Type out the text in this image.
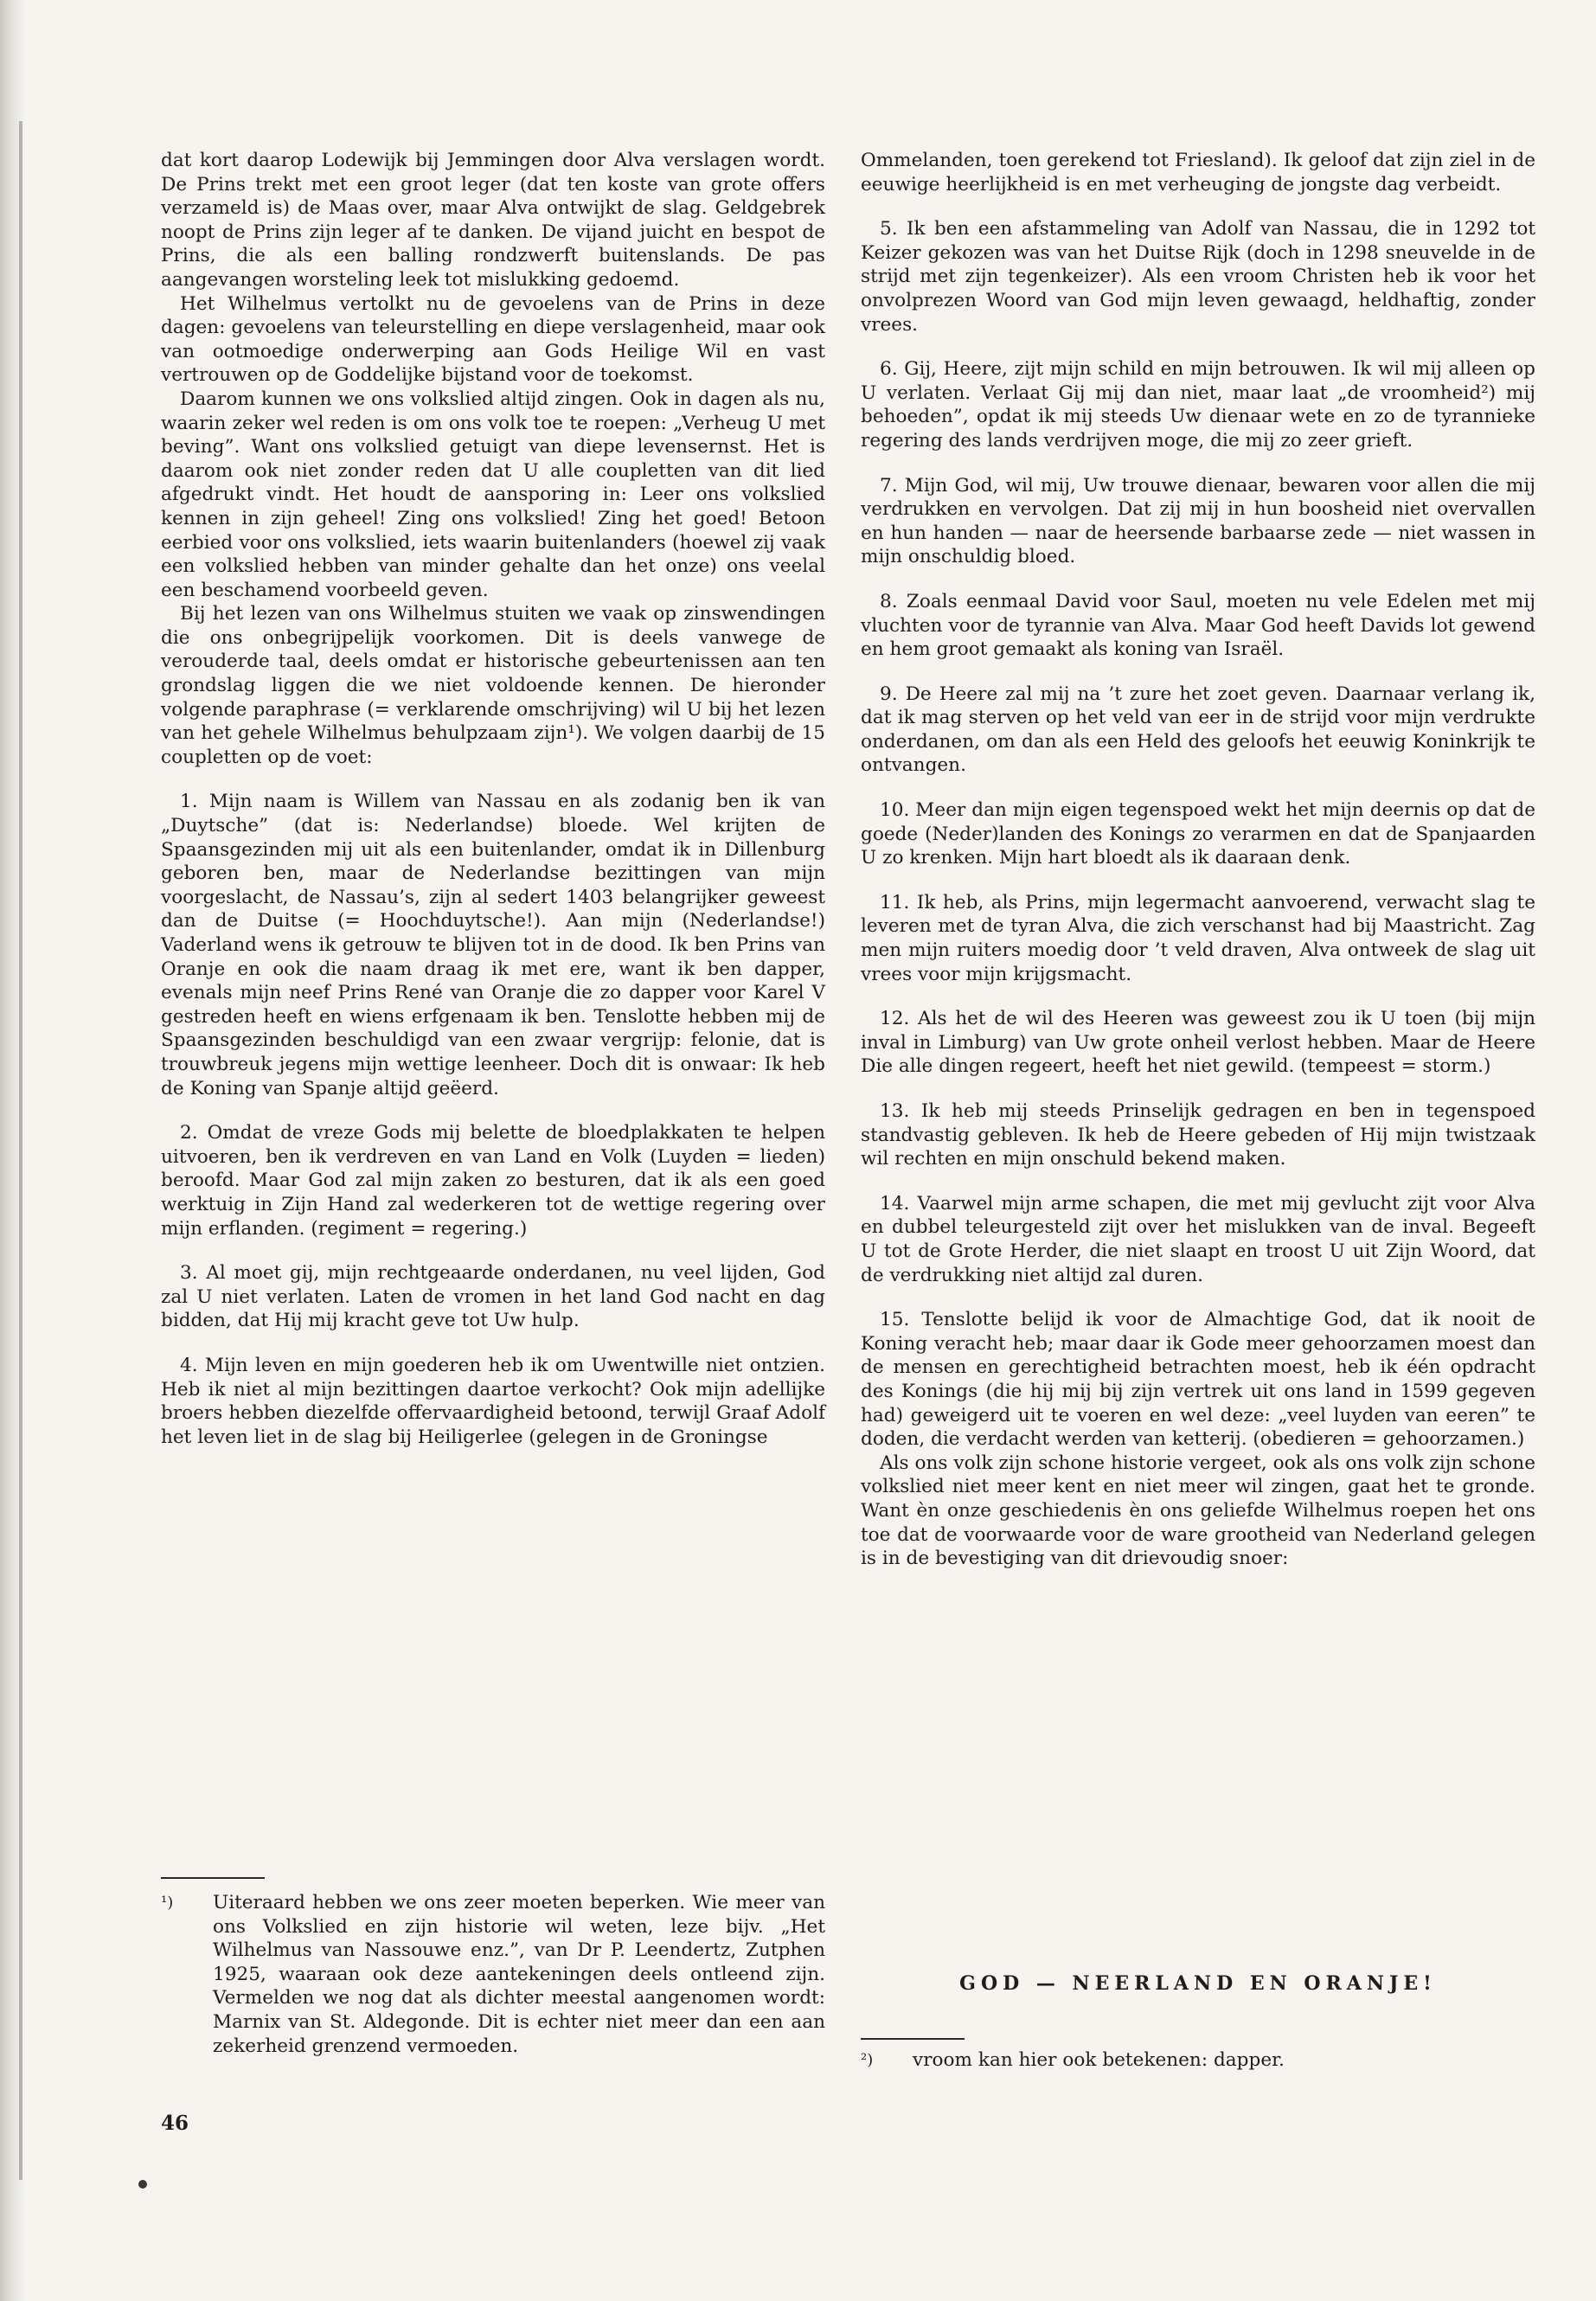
dat kort daarop Lodewijk bij Jemmingen door Alva verslagen wordt. De Prins trekt met een groot leger (dat ten koste van grote offers verzameld is) de Maas over, maar Alva ontwijkt de slag. Geldgebrek noopt de Prins zijn leger af te danken. De vijand juicht en bespot de Prins, die als een balling rondzwerft buitenslands. De pas aangevangen worsteling leek tot mislukking gedoemd.

Het Wilhelmus vertolkt nu de gevoelens van de Prins in deze dagen: gevoelens van teleurstelling en diepe verslagenheid, maar ook van ootmoedige onderwerping aan Gods Heilige Wil en vast vertrouwen op de Goddelijke bijstand voor de toekomst.

Daarom kunnen we ons volkslied altijd zingen. Ook in dagen als nu, waarin zeker wel reden is om ons volk toe te roepen: „Verheug U met beving”. Want ons volkslied getuigt van diepe levensernst. Het is daarom ook niet zonder reden dat U alle coupletten van dit lied afgedrukt vindt. Het houdt de aansporing in: Leer ons volkslied kennen in zijn geheel! Zing ons volkslied! Zing het goed! Betoon eerbied voor ons volkslied, iets waarin buitenlanders (hoewel zij vaak een volkslied hebben van minder gehalte dan het onze) ons veelal een beschamend voorbeeld geven.

Bij het lezen van ons Wilhelmus stuiten we vaak op zinswendingen die ons onbegrijpelijk voorkomen. Dit is deels vanwege de verouderde taal, deels omdat er historische gebeurtenissen aan ten grondslag liggen die we niet voldoende kennen. De hieronder volgende paraphrase (= verklarende omschrijving) wil U bij het lezen van het gehele Wilhelmus behulpzaam zijn¹). We volgen daarbij de 15 coupletten op de voet:

1. Mijn naam is Willem van Nassau en als zodanig ben ik van „Duytsche” (dat is: Nederlandse) bloede. Wel krijten de Spaansgezinden mij uit als een buitenlander, omdat ik in Dillenburg geboren ben, maar de Nederlandse bezittingen van mijn voorgeslacht, de Nassau’s, zijn al sedert 1403 belangrijker geweest dan de Duitse (= Hoochduytsche!). Aan mijn (Nederlandse!) Vaderland wens ik getrouw te blijven tot in de dood. Ik ben Prins van Oranje en ook die naam draag ik met ere, want ik ben dapper, evenals mijn neef Prins René van Oranje die zo dapper voor Karel V gestreden heeft en wiens erfgenaam ik ben. Tenslotte hebben mij de Spaansgezinden beschuldigd van een zwaar vergrijp: felonie, dat is trouwbreuk jegens mijn wettige leenheer. Doch dit is onwaar: Ik heb de Koning van Spanje altijd geëerd.

2. Omdat de vreze Gods mij belette de bloedplakkaten te helpen uitvoeren, ben ik verdreven en van Land en Volk (Luyden = lieden) beroofd. Maar God zal mijn zaken zo besturen, dat ik als een goed werktuig in Zijn Hand zal wederkeren tot de wettige regering over mijn erflanden. (regiment = regering.)

3. Al moet gij, mijn rechtgeaarde onderdanen, nu veel lijden, God zal U niet verlaten. Laten de vromen in het land God nacht en dag bidden, dat Hij mij kracht geve tot Uw hulp.

4. Mijn leven en mijn goederen heb ik om Uwentwille niet ontzien. Heb ik niet al mijn bezittingen daartoe verkocht? Ook mijn adellijke broers hebben diezelfde offervaardigheid betoond, terwijl Graaf Adolf het leven liet in de slag bij Heiligerlee (gelegen in de Groningse

¹)	Uiteraard hebben we ons zeer moeten beperken. Wie meer van ons Volkslied en zijn historie wil weten, leze bijv. „Het Wilhelmus van Nassouwe enz.”, van Dr P. Leendertz, Zutphen 1925, waaraan ook deze aantekeningen deels ontleend zijn. Vermelden we nog dat als dichter meestal aangenomen wordt: Marnix van St. Aldegonde. Dit is echter niet meer dan een aan zekerheid grenzend vermoeden.

Ommelanden, toen gerekend tot Friesland). Ik geloof dat zijn ziel in de eeuwige heerlijkheid is en met verheuging de jongste dag verbeidt.

5. Ik ben een afstammeling van Adolf van Nassau, die in 1292 tot Keizer gekozen was van het Duitse Rijk (doch in 1298 sneuvelde in de strijd met zijn tegenkeizer). Als een vroom Christen heb ik voor het onvolprezen Woord van God mijn leven gewaagd, heldhaftig, zonder vrees.

6. Gij, Heere, zijt mijn schild en mijn betrouwen. Ik wil mij alleen op U verlaten. Verlaat Gij mij dan niet, maar laat „de vroomheid²) mij behoeden”, opdat ik mij steeds Uw dienaar wete en zo de tyrannieke regering des lands verdrijven moge, die mij zo zeer grieft.

7. Mijn God, wil mij, Uw trouwe dienaar, bewaren voor allen die mij verdrukken en vervolgen. Dat zij mij in hun boosheid niet overvallen en hun handen — naar de heersende barbaarse zede — niet wassen in mijn onschuldig bloed.

8. Zoals eenmaal David voor Saul, moeten nu vele Edelen met mij vluchten voor de tyrannie van Alva. Maar God heeft Davids lot gewend en hem groot gemaakt als koning van Israël.

9. De Heere zal mij na ’t zure het zoet geven. Daarnaar verlang ik, dat ik mag sterven op het veld van eer in de strijd voor mijn verdrukte onderdanen, om dan als een Held des geloofs het eeuwig Koninkrijk te ontvangen.

10. Meer dan mijn eigen tegenspoed wekt het mijn deernis op dat de goede (Neder)landen des Konings zo verarmen en dat de Spanjaarden U zo krenken. Mijn hart bloedt als ik daaraan denk.

11. Ik heb, als Prins, mijn legermacht aanvoerend, verwacht slag te leveren met de tyran Alva, die zich verschanst had bij Maastricht. Zag men mijn ruiters moedig door ’t veld draven, Alva ontweek de slag uit vrees voor mijn krijgsmacht.

12. Als het de wil des Heeren was geweest zou ik U toen (bij mijn inval in Limburg) van Uw grote onheil verlost hebben. Maar de Heere Die alle dingen regeert, heeft het niet gewild. (tempeest = storm.)

13. Ik heb mij steeds Prinselijk gedragen en ben in tegenspoed standvastig gebleven. Ik heb de Heere gebeden of Hij mijn twistzaak wil rechten en mijn onschuld bekend maken.

14. Vaarwel mijn arme schapen, die met mij gevlucht zijt voor Alva en dubbel teleurgesteld zijt over het mislukken van de inval. Begeeft U tot de Grote Herder, die niet slaapt en troost U uit Zijn Woord, dat de verdrukking niet altijd zal duren.

15. Tenslotte belijd ik voor de Almachtige God, dat ik nooit de Koning veracht heb; maar daar ik Gode meer gehoorzamen moest dan de mensen en gerechtigheid betrachten moest, heb ik één opdracht des Konings (die hij mij bij zijn vertrek uit ons land in 1599 gegeven had) geweigerd uit te voeren en wel deze: „veel luyden van eeren” te doden, die verdacht werden van ketterij. (obedieren = gehoorzamen.)

Als ons volk zijn schone historie vergeet, ook als ons volk zijn schone volkslied niet meer kent en niet meer wil zingen, gaat het te gronde. Want èn onze geschiedenis èn ons geliefde Wilhelmus roepen het ons toe dat de voorwaarde voor de ware grootheid van Nederland gelegen is in de bevestiging van dit drievoudig snoer:

GOD — NEERLAND EN ORANJE!
²)	vroom kan hier ook betekenen: dapper.
46
